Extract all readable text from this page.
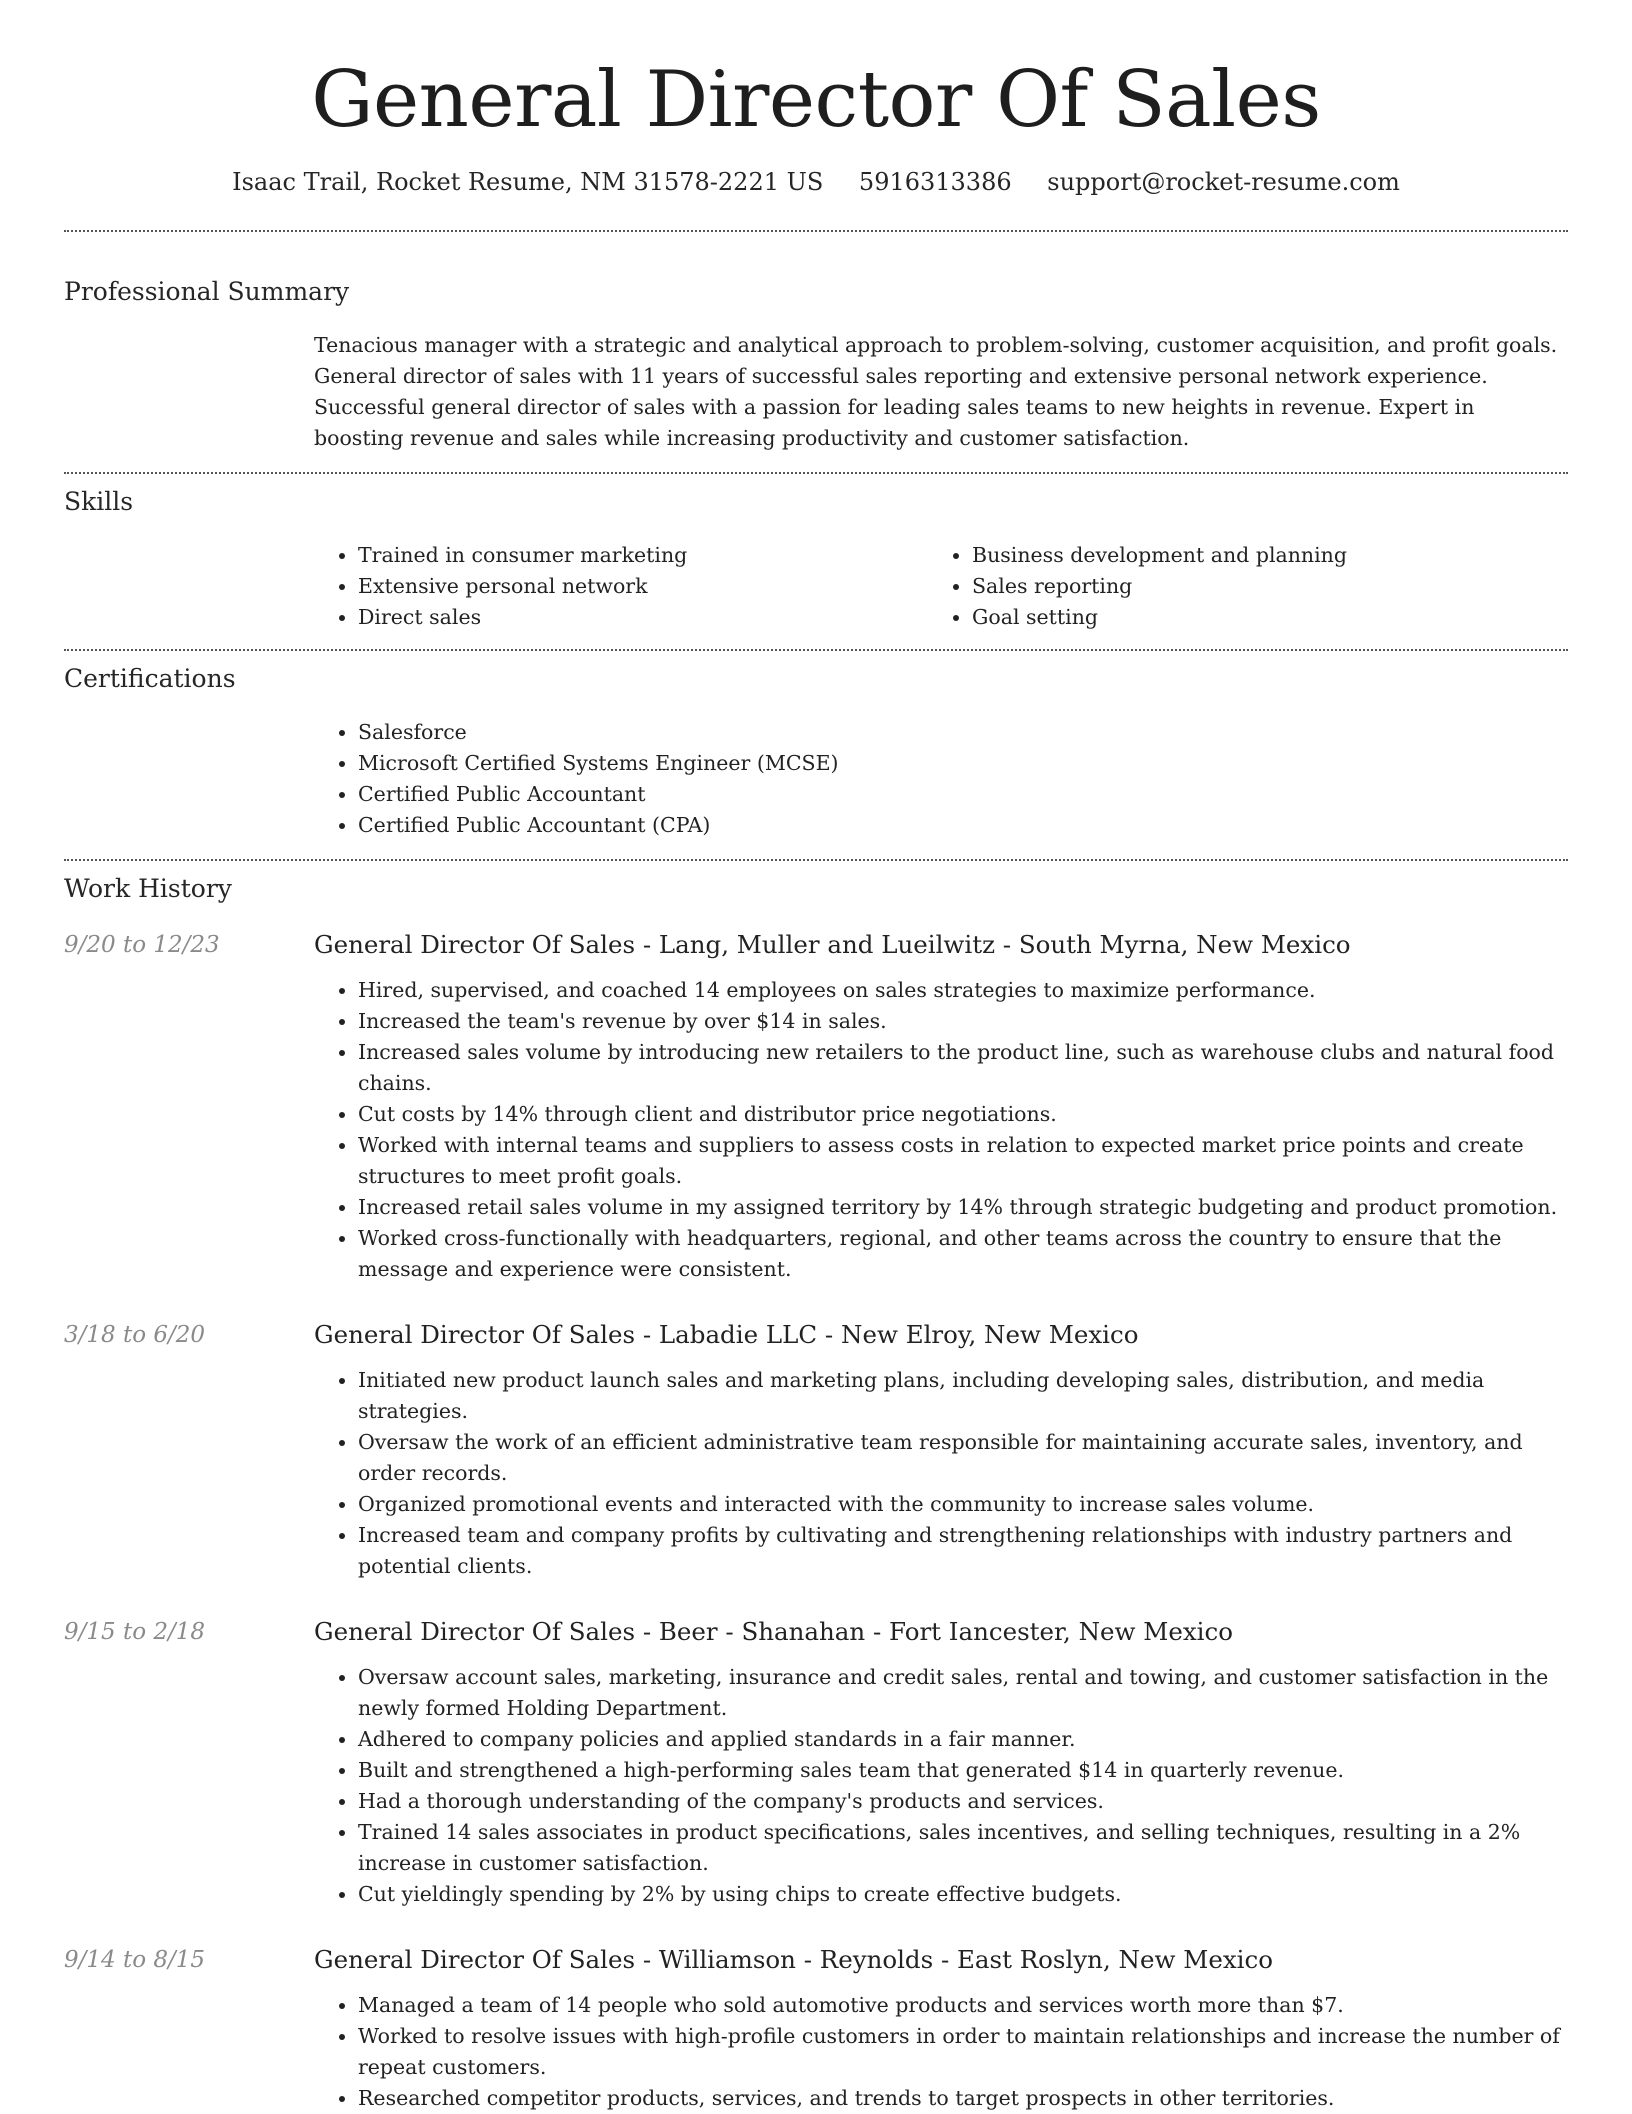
General Director Of Sales
Isaac Trail, Rocket Resume, NM 31578-2221 US 5916313386 support@rocket-resume.com
Professional Summary

Tenacious manager with a strategic and analytical approach to problem-solving, customer acquisition, and profit goals. General director of sales with 11 years of successful sales reporting and extensive personal network experience. Successful general director of sales with a passion for leading sales teams to new heights in revenue. Expert in boosting revenue and sales while increasing productivity and customer satisfaction.

Skills
• Trained in consumer marketing
• Extensive personal network
• Direct sales
• Business development and planning
• Sales reporting
• Goal setting
Certifications
• Salesforce
• Microsoft Certified Systems Engineer (MCSE)
• Certified Public Accountant
• Certified Public Accountant (CPA)
Work History
9/20 to 12/23	General Director Of Sales - Lang, Muller and Lueilwitz - South Myrna, New Mexico
• Hired, supervised, and coached 14 employees on sales strategies to maximize performance.
• Increased the team's revenue by over $14 in sales.
• Increased sales volume by introducing new retailers to the product line, such as warehouse clubs and natural food chains.
• Cut costs by 14% through client and distributor price negotiations.
• Worked with internal teams and suppliers to assess costs in relation to expected market price points and create structures to meet profit goals.
• Increased retail sales volume in my assigned territory by 14% through strategic budgeting and product promotion.
• Worked cross-functionally with headquarters, regional, and other teams across the country to ensure that the message and experience were consistent.
3/18 to 6/20	General Director Of Sales - Labadie LLC - New Elroy, New Mexico
• Initiated new product launch sales and marketing plans, including developing sales, distribution, and media strategies.
• Oversaw the work of an efficient administrative team responsible for maintaining accurate sales, inventory, and order records.
• Organized promotional events and interacted with the community to increase sales volume.
• Increased team and company profits by cultivating and strengthening relationships with industry partners and potential clients.
9/15 to 2/18	General Director Of Sales - Beer - Shanahan - Fort Iancester, New Mexico
• Oversaw account sales, marketing, insurance and credit sales, rental and towing, and customer satisfaction in the newly formed Holding Department.
• Adhered to company policies and applied standards in a fair manner.
• Built and strengthened a high-performing sales team that generated $14 in quarterly revenue.
• Had a thorough understanding of the company's products and services.
• Trained 14 sales associates in product specifications, sales incentives, and selling techniques, resulting in a 2% increase in customer satisfaction.
• Cut yieldingly spending by 2% by using chips to create effective budgets.
9/14 to 8/15	General Director Of Sales - Williamson - Reynolds - East Roslyn, New Mexico
• Managed a team of 14 people who sold automotive products and services worth more than $7.
• Worked to resolve issues with high-profile customers in order to maintain relationships and increase the number of repeat customers.
• Researched competitor products, services, and trends to target prospects in other territories.
